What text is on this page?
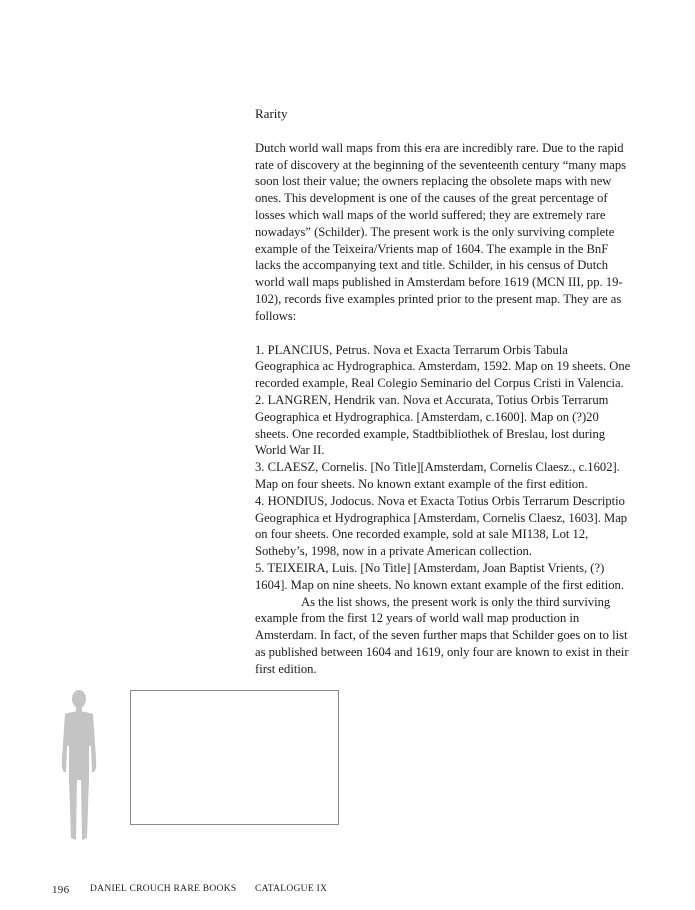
Rarity

Dutch world wall maps from this era are incredibly rare. Due to the rapid rate of discovery at the beginning of the seventeenth century “many maps soon lost their value; the owners replacing the obsolete maps with new ones. This development is one of the causes of the great percentage of losses which wall maps of the world suffered; they are extremely rare nowadays” (Schilder). The present work is the only surviving complete example of the Teixeira/Vrients map of 1604. The example in the BnF lacks the accompanying text and title. Schilder, in his census of Dutch world wall maps published in Amsterdam before 1619 (MCN III, pp. 19-102), records five examples printed prior to the present map. They are as follows:

1. PLANCIUS, Petrus. Nova et Exacta Terrarum Orbis Tabula Geographica ac Hydrographica. Amsterdam, 1592. Map on 19 sheets. One recorded example, Real Colegio Seminario del Corpus Cristi in Valencia.

2. LANGREN, Hendrik van. Nova et Accurata, Totius Orbis Terrarum Geographica et Hydrographica. [Amsterdam, c.1600]. Map on (?)20 sheets. One recorded example, Stadtbibliothek of Breslau, lost during World War II.

3. CLAESZ, Cornelis. [No Title][Amsterdam, Cornelis Claesz., c.1602]. Map on four sheets. No known extant example of the first edition.

4. HONDIUS, Jodocus. Nova et Exacta Totius Orbis Terrarum Descriptio Geographica et Hydrographica [Amsterdam, Cornelis Claesz, 1603]. Map on four sheets. One recorded example, sold at sale MI138, Lot 12, Sotheby’s, 1998, now in a private American collection.

5. TEIXEIRA, Luis. [No Title] [Amsterdam, Joan Baptist Vrients, (?) 1604]. Map on nine sheets. No known extant example of the first edition.

As the list shows, the present work is only the third surviving example from the first 12 years of world wall map production in Amsterdam. In fact, of the seven further maps that Schilder goes on to list as published between 1604 and 1619, only four are known to exist in their first edition.

196 DANIEL CROUCH RARE BOOKS CATALOGUE IX
